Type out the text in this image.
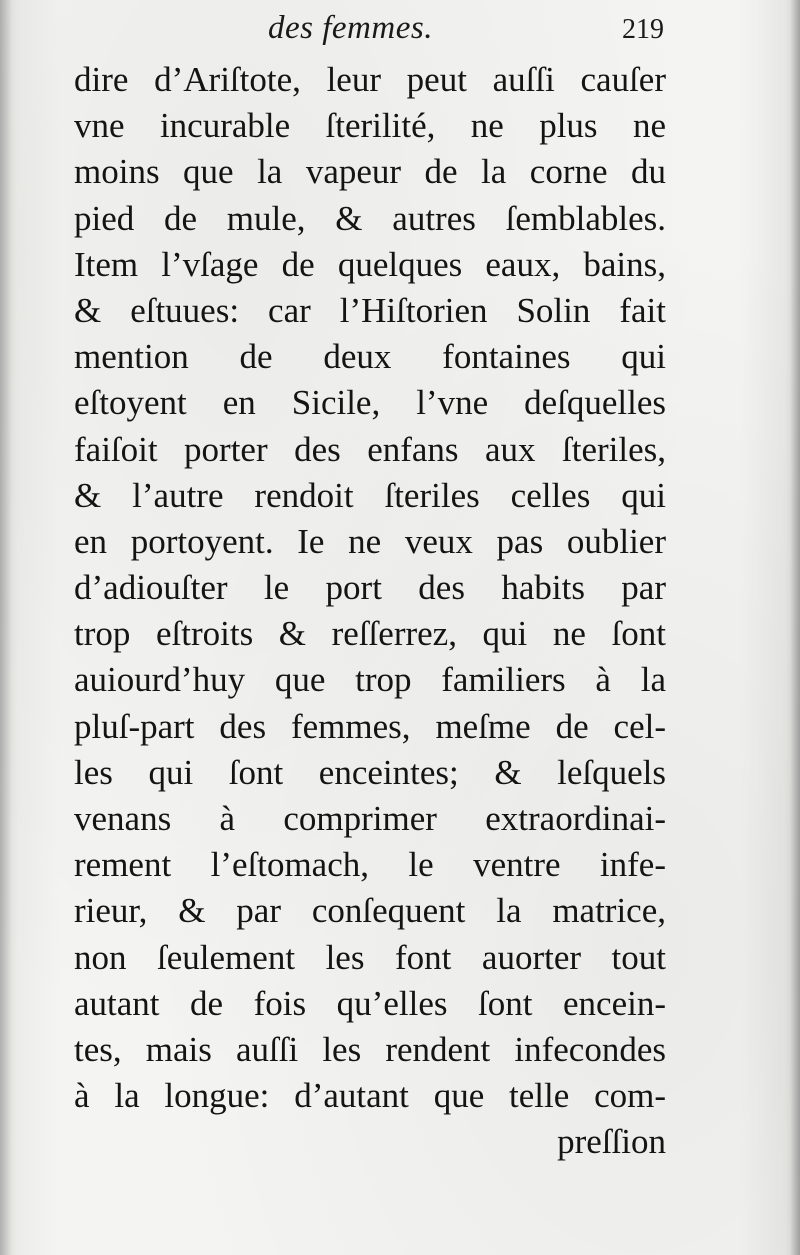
des femmes.	219
dire d’Ariſtote, leur peut auſſi cauſer
vne incurable ſterilité, ne plus ne
moins que la vapeur de la corne du
pied de mule, & autres ſemblables.
Item l’vſage de quelques eaux, bains,
& eſtuues: car l’Hiſtorien Solin fait
mention de deux fontaines qui
eſtoyent en Sicile, l’vne deſquelles
faiſoit porter des enfans aux ſteriles,
& l’autre rendoit ſteriles celles qui
en portoyent. Ie ne veux pas oublier
d’adiouſter le port des habits par
trop eſtroits & reſſerrez, qui ne ſont
auiourd’huy que trop familiers à la
pluſ-part des femmes, meſme de cel-
les qui ſont enceintes; & leſquels
venans à comprimer extraordinai-
rement l’eſtomach, le ventre infe-
rieur, & par conſequent la matrice,
non ſeulement les font auorter tout
autant de fois qu’elles ſont encein-
tes, mais auſſi les rendent infecondes
à la longue: d’autant que telle com-
preſſion
